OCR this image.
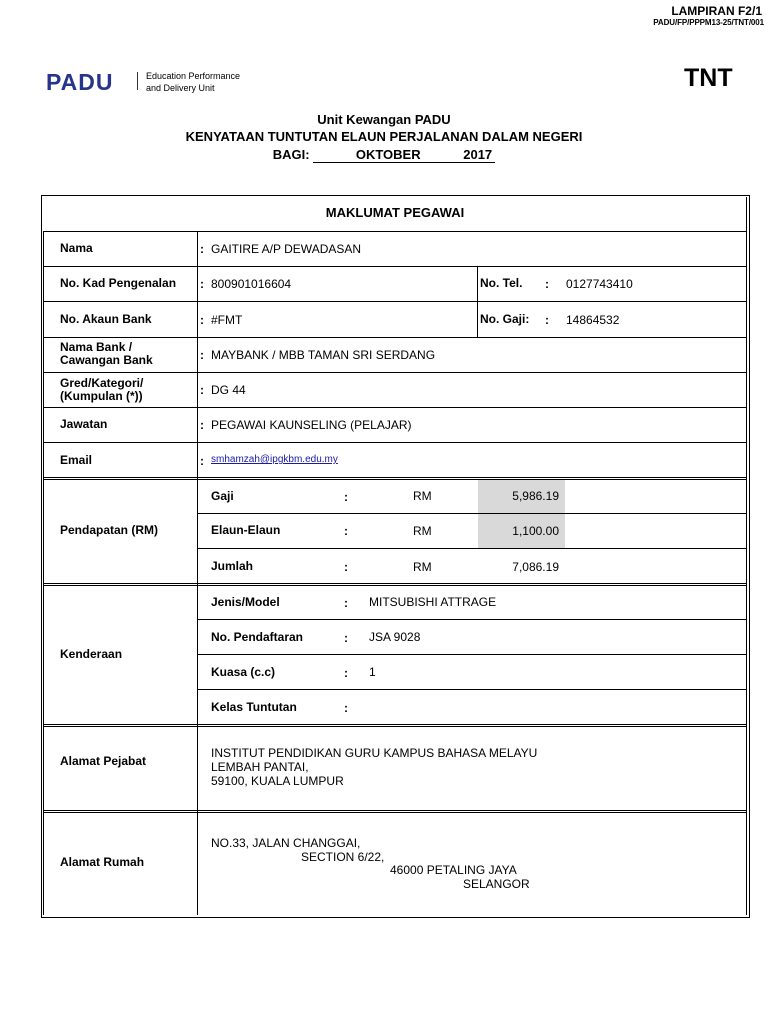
LAMPIRAN F2/1
PADU/FP/PPPM13-25/TNT/001
PADU	Education Performance
and Delivery Unit	TNT
Unit Kewangan PADU
KENYATAAN TUNTUTAN ELAUN PERJALANAN DALAM NEGERI
BAGI:	OKTOBER	2017
MAKLUMAT PEGAWAI
Nama	: GAITIRE A/P DEWADASAN
No. Kad Pengenalan : 800901016604	No. Tel. : 0127743410
No. Akaun Bank	: #FMT	No. Gaji: : 14864532
Nama Bank /
Cawangan Bank	: MAYBANK / MBB TAMAN SRI SERDANG
Gred/Kategori/
(Kumpulan (*))	: DG 44
Jawatan	: PEGAWAI KAUNSELING (PELAJAR)
Email	: smhamzah@ipgkbm.edu.my
Pendapatan (RM)
Gaji	:	RM	5,986.19
Elaun-Elaun	:	RM	1,100.00
Jumlah	:	RM	7,086.19
Kenderaan
Jenis/Model	: MITSUBISHI ATTRAGE
No. Pendaftaran	: JSA 9028
Kuasa (c.c)	: 1
Kelas Tuntutan	:
Alamat Pejabat
INSTITUT PENDIDIKAN GURU KAMPUS BAHASA MELAYU
LEMBAH PANTAI,
59100, KUALA LUMPUR
Alamat Rumah
NO.33, JALAN CHANGGAI,
SECTION 6/22,
46000 PETALING JAYA
SELANGOR
